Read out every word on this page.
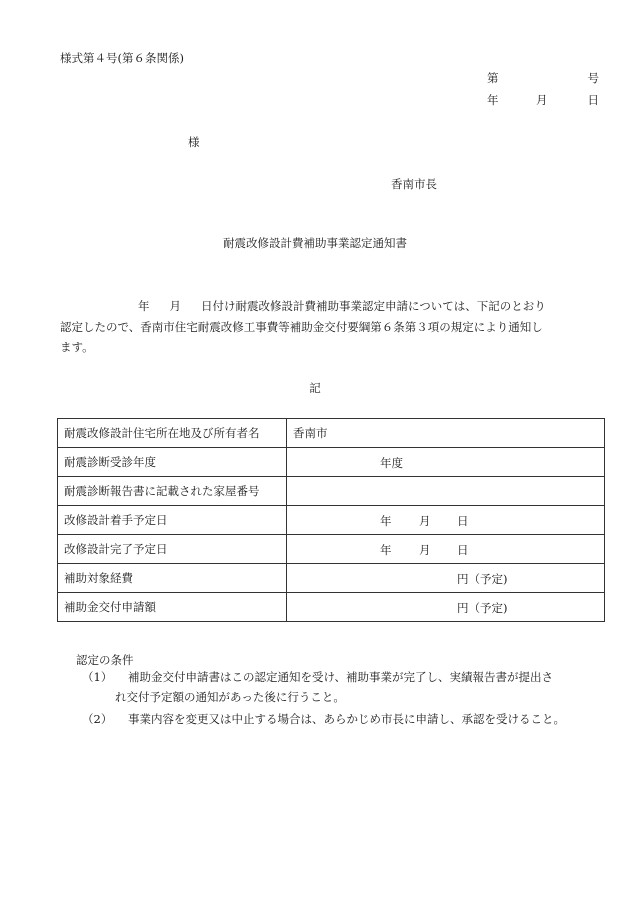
様式第４号(第６条関係)
第	号
年	月	日
様
香南市長
耐震改修設計費補助事業認定通知書
年 月 日付け耐震改修設計費補助事業認定申請については、下記のとおり
認定したので、香南市住宅耐震改修工事費等補助金交付要綱第６条第３項の規定により通知し
ます。
記
耐震改修設計住宅所在地及び所有者名	香南市
耐震診断受診年度	年度

耐震診断報告書に記載された家屋番号	
改修設計着手予定日	年 月 日

改修設計完了予定日	年 月 日

補助対象経費	円（予定)

補助金交付申請額	円（予定)
認定の条件
（1） 補助金交付申請書はこの認定通知を受け、補助事業が完了し、実績報告書が提出さ
れ交付予定額の通知があった後に行うこと。
（2） 事業内容を変更又は中止する場合は、あらかじめ市長に申請し、承認を受けること。
